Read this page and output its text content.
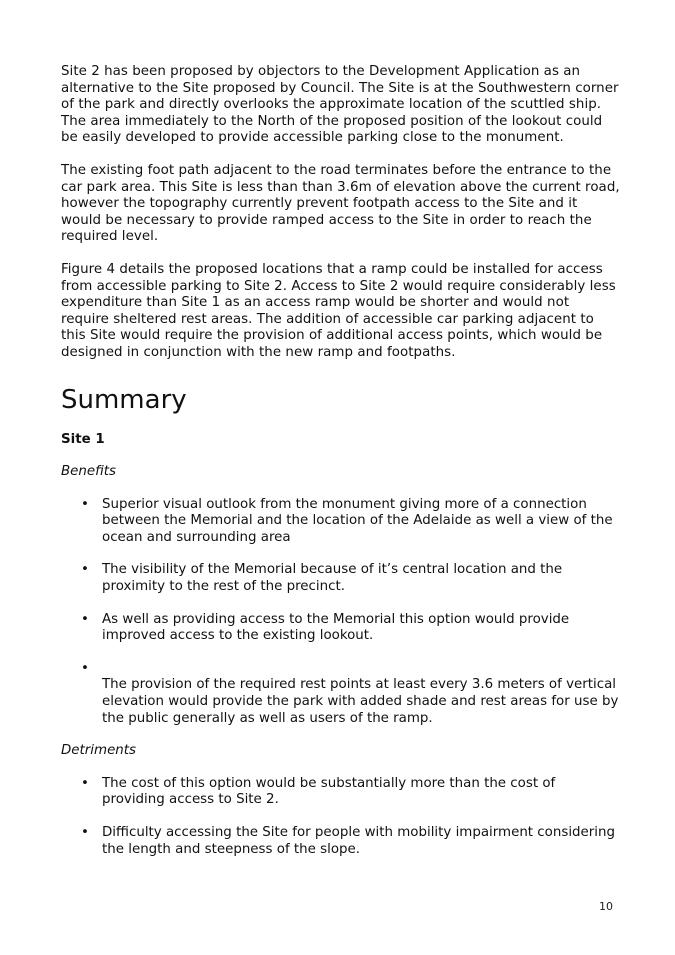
Site 2 has been proposed by objectors to the Development Application as an alternative to the Site proposed by Council. The Site is at the Southwestern corner of the park and directly overlooks the approximate location of the scuttled ship. The area immediately to the North of the proposed position of the lookout could be easily developed to provide accessible parking close to the monument.

The existing foot path adjacent to the road terminates before the entrance to the car park area. This Site is less than than 3.6m of elevation above the current road, however the topography currently prevent footpath access to the Site and it would be necessary to provide ramped access to the Site in order to reach the required level.

Figure 4 details the proposed locations that a ramp could be installed for access from accessible parking to Site 2. Access to Site 2 would require considerably less expenditure than Site 1 as an access ramp would be shorter and would not require sheltered rest areas. The addition of accessible car parking adjacent to this Site would require the provision of additional access points, which would be designed in conjunction with the new ramp and footpaths.

Summary
Site 1
Benefits
• Superior visual outlook from the monument giving more of a connection between the Memorial and the location of the Adelaide as well a view of the ocean and surrounding area
• The visibility of the Memorial because of it’s central location and the proximity to the rest of the precinct.
• As well as providing access to the Memorial this option would provide improved access to the existing lookout.
•
The provision of the required rest points at least every 3.6 meters of vertical elevation would provide the park with added shade and rest areas for use by the public generally as well as users of the ramp.
Detriments
• The cost of this option would be substantially more than the cost of providing access to Site 2.
• Difficulty accessing the Site for people with mobility impairment considering the length and steepness of the slope.
10
